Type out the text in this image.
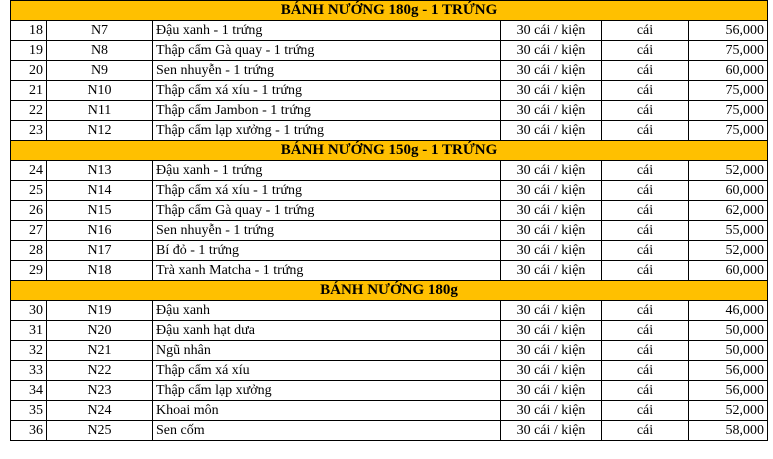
BÁNH NƯỚNG 180g - 1 TRỨNG					
18	N7	Đậu xanh - 1 trứng	30 cái / kiện	cái	56,000
19	N8	Thập cẩm Gà quay - 1 trứng	30 cái / kiện	cái	75,000
20	N9	Sen nhuyễn - 1 trứng	30 cái / kiện	cái	60,000
21	N10	Thập cẩm xá xíu - 1 trứng	30 cái / kiện	cái	75,000
22	N11	Thập cẩm Jambon - 1 trứng	30 cái / kiện	cái	75,000
23	N12	Thập cẩm lạp xưởng - 1 trứng	30 cái / kiện	cái	75,000
BÁNH NƯỚNG 150g - 1 TRỨNG					
24	N13	Đậu xanh - 1 trứng	30 cái / kiện	cái	52,000
25	N14	Thập cẩm xá xíu - 1 trứng	30 cái / kiện	cái	60,000
26	N15	Thập cẩm Gà quay - 1 trứng	30 cái / kiện	cái	62,000
27	N16	Sen nhuyễn - 1 trứng	30 cái / kiện	cái	55,000
28	N17	Bí đỏ - 1 trứng	30 cái / kiện	cái	52,000
29	N18	Trà xanh Matcha - 1 trứng	30 cái / kiện	cái	60,000
BÁNH NƯỚNG 180g					
30	N19	Đậu xanh	30 cái / kiện	cái	46,000
31	N20	Đậu xanh hạt dưa	30 cái / kiện	cái	50,000
32	N21	Ngũ nhân	30 cái / kiện	cái	50,000
33	N22	Thập cẩm xá xíu	30 cái / kiện	cái	56,000
34	N23	Thập cẩm lạp xưởng	30 cái / kiện	cái	56,000
35	N24	Khoai môn	30 cái / kiện	cái	52,000
36	N25	Sen cốm	30 cái / kiện	cái	58,000
